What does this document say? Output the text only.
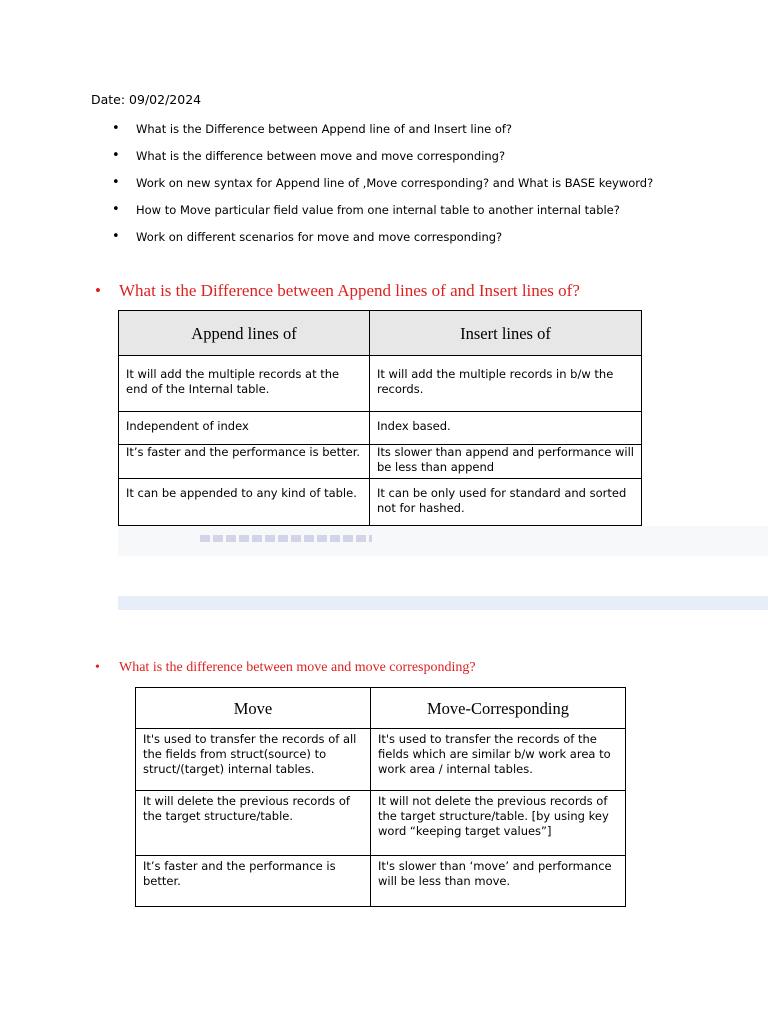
Date: 09/02/2024
• What is the Difference between Append line of and Insert line of?
• What is the difference between move and move corresponding?
• Work on new syntax for Append line of ,Move corresponding? and What is BASE keyword?
• How to Move particular field value from one internal table to another internal table?
• Work on different scenarios for move and move corresponding?
• What is the Difference between Append lines of and Insert lines of?
Append lines of	Insert lines of
It will add the multiple records at the end of the Internal table.	It will add the multiple records in b/w the records.
Independent of index	Index based.
It’s faster and the performance is better.	Its slower than append and performance will be less than append
It can be appended to any kind of table.	It can be only used for standard and sorted not for hashed.
• What is the difference between move and move corresponding?
Move	Move-Corresponding
It's used to transfer the records of all the fields from struct(source) to struct/(target) internal tables.	It's used to transfer the records of the fields which are similar b/w work area to work area / internal tables.
It will delete the previous records of the target structure/table.	It will not delete the previous records of the target structure/table. [by using key word “keeping target values”]
It’s faster and the performance is better.	It's slower than ‘move’ and performance will be less than move.
